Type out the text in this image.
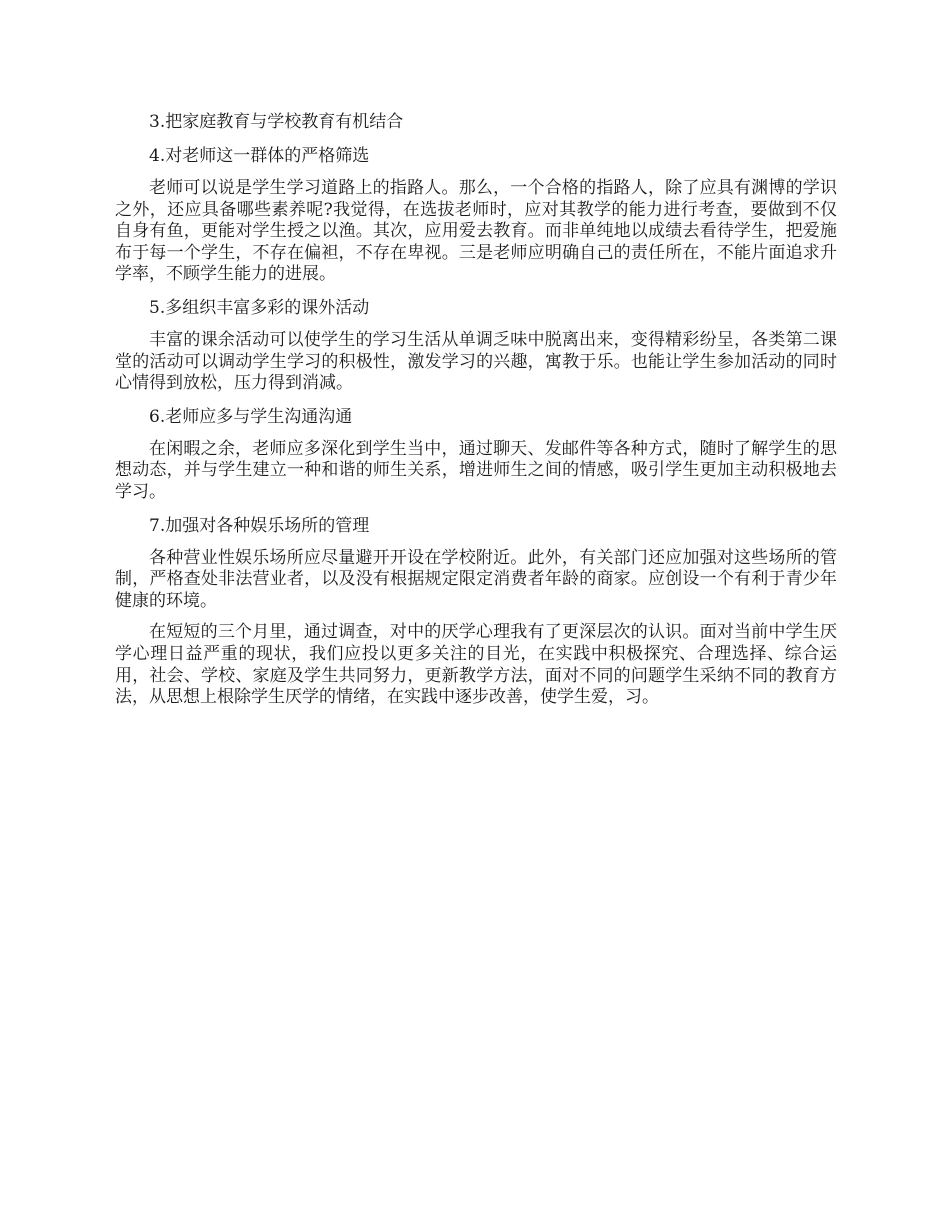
3.把家庭教育与学校教育有机结合

4.对老师这一群体的严格筛选

老师可以说是学生学习道路上的指路人。那么，一个合格的指路人，除了应具有渊博的学识之外，还应具备哪些素养呢?我觉得，在选拔老师时，应对其教学的能力进行考查，要做到不仅自身有鱼，更能对学生授之以渔。其次，应用爱去教育。而非单纯地以成绩去看待学生，把爱施布于每一个学生，不存在偏袒，不存在卑视。三是老师应明确自己的责任所在，不能片面追求升学率，不顾学生能力的进展。

5.多组织丰富多彩的课外活动

丰富的课余活动可以使学生的学习生活从单调乏味中脱离出来，变得精彩纷呈，各类第二课堂的活动可以调动学生学习的积极性，激发学习的兴趣，寓教于乐。也能让学生参加活动的同时心情得到放松，压力得到消减。

6.老师应多与学生沟通沟通

在闲暇之余，老师应多深化到学生当中，通过聊天、发邮件等各种方式，随时了解学生的思想动态，并与学生建立一种和谐的师生关系，增进师生之间的情感，吸引学生更加主动积极地去学习。

7.加强对各种娱乐场所的管理

各种营业性娱乐场所应尽量避开开设在学校附近。此外，有关部门还应加强对这些场所的管制，严格查处非法营业者，以及没有根据规定限定消费者年龄的商家。应创设一个有利于青少年健康的环境。

在短短的三个月里，通过调查，对中的厌学心理我有了更深层次的认识。面对当前中学生厌学心理日益严重的现状，我们应投以更多关注的目光，在实践中积极探究、合理选择、综合运用，社会、学校、家庭及学生共同努力，更新教学方法，面对不同的问题学生采纳不同的教育方法，从思想上根除学生厌学的情绪，在实践中逐步改善，使学生爱，习。
